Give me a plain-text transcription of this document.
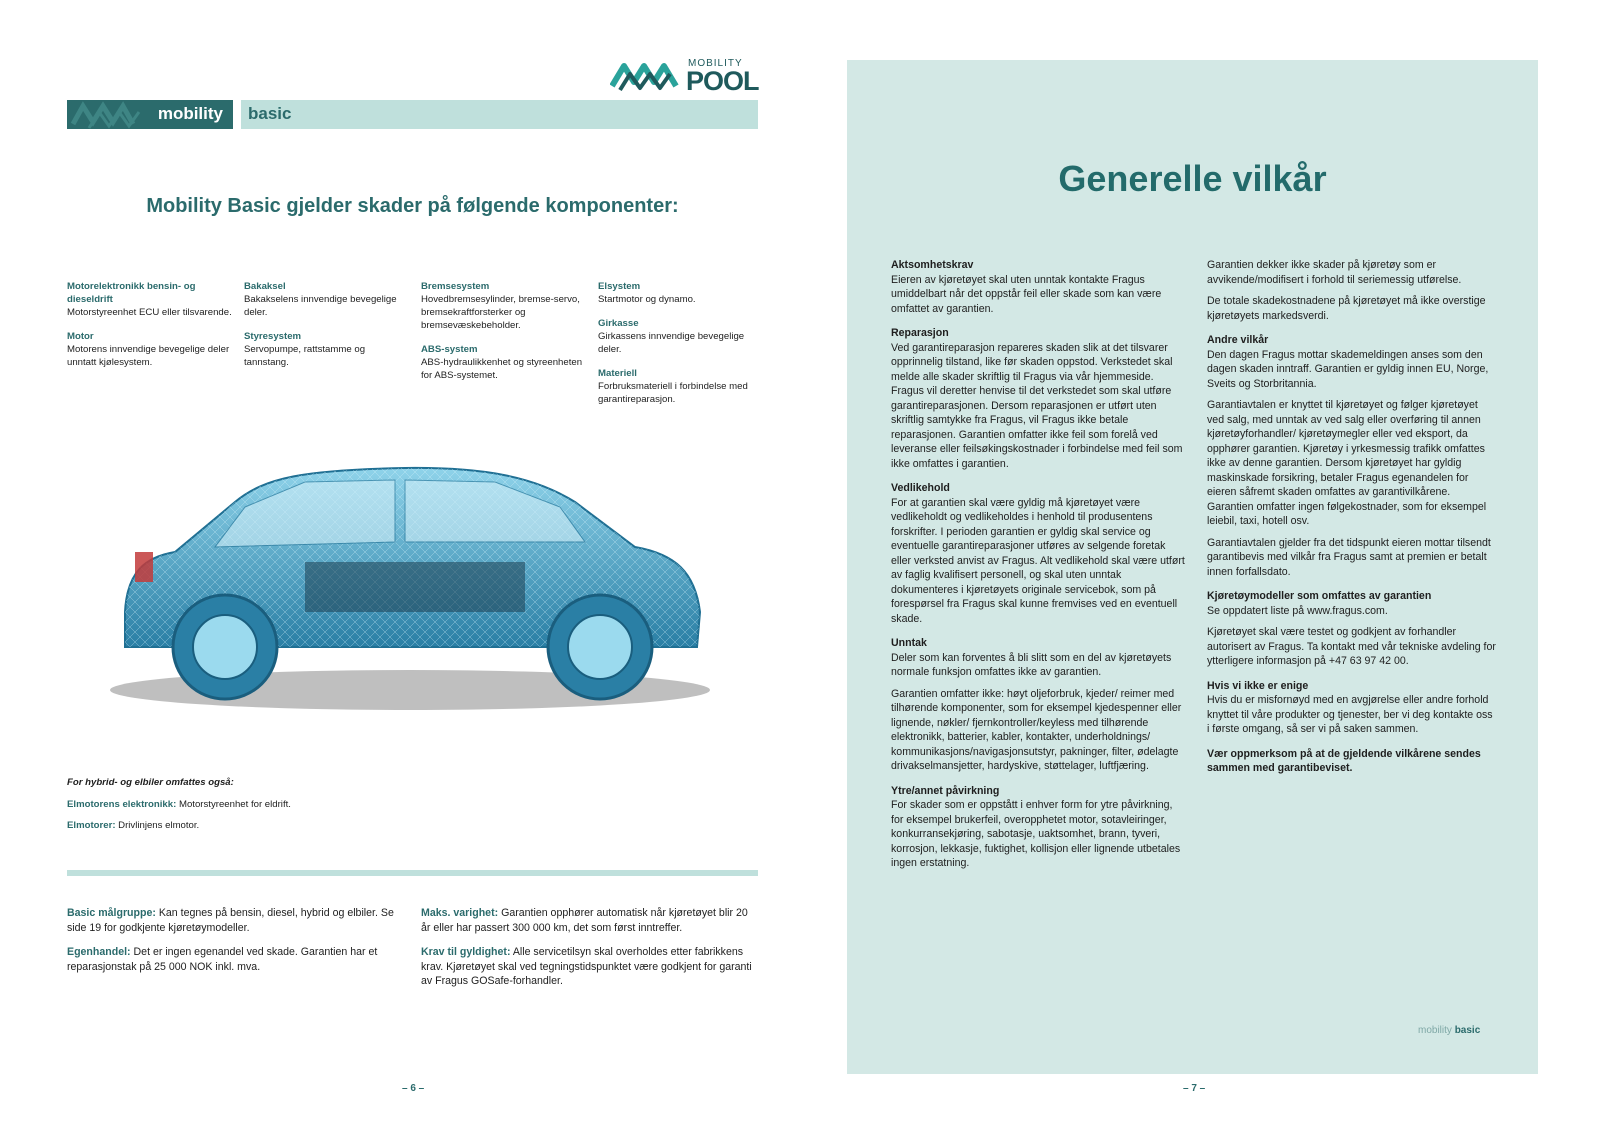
MOBILITY
POOL
mobility basic
Mobility Basic gjelder skader på følgende komponenter:
Motorelektronikk bensin- og dieseldrift
Motorstyreenhet ECU eller tilsvarende.
Motor
Motorens innvendige bevegelige deler unntatt kjølesystem.
Bakaksel
Bakakselens innvendige bevegelige deler.
Styresystem
Servopumpe, rattstamme og tannstang.
Bremsesystem
Hovedbremsesylinder, bremse-servo, bremsekraftforsterker og bremsevæskebeholder.
ABS-system
ABS-hydraulikkenhet og styreenheten for ABS-systemet.
Elsystem
Startmotor og dynamo.
Girkasse
Girkassens innvendige bevegelige deler.
Materiell
Forbruksmateriell i forbindelse med garantireparasjon.
For hybrid- og elbiler omfattes også:
Elmotorens elektronikk: Motorstyreenhet for eldrift.
Elmotorer: Drivlinjens elmotor.
Basic målgruppe: Kan tegnes på bensin, diesel, hybrid og elbiler. Se side 19 for godkjente kjøretøymodeller.
Egenhandel: Det er ingen egenandel ved skade. Garantien har et reparasjonstak på 25 000 NOK inkl. mva.
Maks. varighet: Garantien opphører automatisk når kjøretøyet blir 20 år eller har passert 300 000 km, det som først inntreffer.
Krav til gyldighet: Alle servicetilsyn skal overholdes etter fabrikkens krav. Kjøretøyet skal ved tegningstidspunktet være godkjent for garanti av Fragus GOSafe-forhandler.
– 6 –
Generelle vilkår
Aktsomhetskrav
Eieren av kjøretøyet skal uten unntak kontakte Fragus umiddelbart når det oppstår feil eller skade som kan være omfattet av garantien.
Reparasjon
Ved garantireparasjon repareres skaden slik at det tilsvarer opprinnelig tilstand, like før skaden oppstod. Verkstedet skal melde alle skader skriftlig til Fragus via vår hjemmeside. Fragus vil deretter henvise til det verkstedet som skal utføre garantireparasjonen. Dersom reparasjonen er utført uten skriftlig samtykke fra Fragus, vil Fragus ikke betale reparasjonen. Garantien omfatter ikke feil som forelå ved leveranse eller feilsøkingskostnader i forbindelse med feil som ikke omfattes i garantien.
Vedlikehold
For at garantien skal være gyldig må kjøretøyet være vedlikeholdt og vedlikeholdes i henhold til produsentens forskrifter. I perioden garantien er gyldig skal service og eventuelle garantireparasjoner utføres av selgende foretak eller verksted anvist av Fragus. Alt vedlikehold skal være utført av faglig kvalifisert personell, og skal uten unntak dokumenteres i kjøretøyets originale servicebok, som på forespørsel fra Fragus skal kunne fremvises ved en eventuell skade.
Unntak
Deler som kan forventes å bli slitt som en del av kjøretøyets normale funksjon omfattes ikke av garantien.
Garantien omfatter ikke: høyt oljeforbruk, kjeder/ reimer med tilhørende komponenter, som for eksempel kjedespenner eller lignende, nøkler/ fjernkontroller/keyless med tilhørende elektronikk, batterier, kabler, kontakter, underholdnings/ kommunikasjons/navigasjonsutstyr, pakninger, filter, ødelagte drivakselmansjetter, hardyskive, støttelager, luftfjæring.
Ytre/annet påvirkning
For skader som er oppstått i enhver form for ytre påvirkning, for eksempel brukerfeil, overopphetet motor, sotavleiringer, konkurransekjøring, sabotasje, uaktsomhet, brann, tyveri, korrosjon, lekkasje, fuktighet, kollisjon eller lignende utbetales ingen erstatning.
Garantien dekker ikke skader på kjøretøy som er avvikende/modifisert i forhold til seriemessig utførelse.
De totale skadekostnadene på kjøretøyet må ikke overstige kjøretøyets markedsverdi.
Andre vilkår
Den dagen Fragus mottar skademeldingen anses som den dagen skaden inntraff. Garantien er gyldig innen EU, Norge, Sveits og Storbritannia.
Garantiavtalen er knyttet til kjøretøyet og følger kjøretøyet ved salg, med unntak av ved salg eller overføring til annen kjøretøyforhandler/ kjøretøymegler eller ved eksport, da opphører garantien. Kjøretøy i yrkesmessig trafikk omfattes ikke av denne garantien. Dersom kjøretøyet har gyldig maskinskade forsikring, betaler Fragus egenandelen for eieren såfremt skaden omfattes av garantivilkårene. Garantien omfatter ingen følgekostnader, som for eksempel leiebil, taxi, hotell osv.
Garantiavtalen gjelder fra det tidspunkt eieren mottar tilsendt garantibevis med vilkår fra Fragus samt at premien er betalt innen forfallsdato.
Kjøretøymodeller som omfattes av garantien
Se oppdatert liste på www.fragus.com.
Kjøretøyet skal være testet og godkjent av forhandler autorisert av Fragus. Ta kontakt med vår tekniske avdeling for ytterligere informasjon på +47 63 97 42 00.
Hvis vi ikke er enige
Hvis du er misfornøyd med en avgjørelse eller andre forhold knyttet til våre produkter og tjenester, ber vi deg kontakte oss i første omgang, så ser vi på saken sammen.
Vær oppmerksom på at de gjeldende vilkårene sendes sammen med garantibeviset.
mobility basic
– 7 –
